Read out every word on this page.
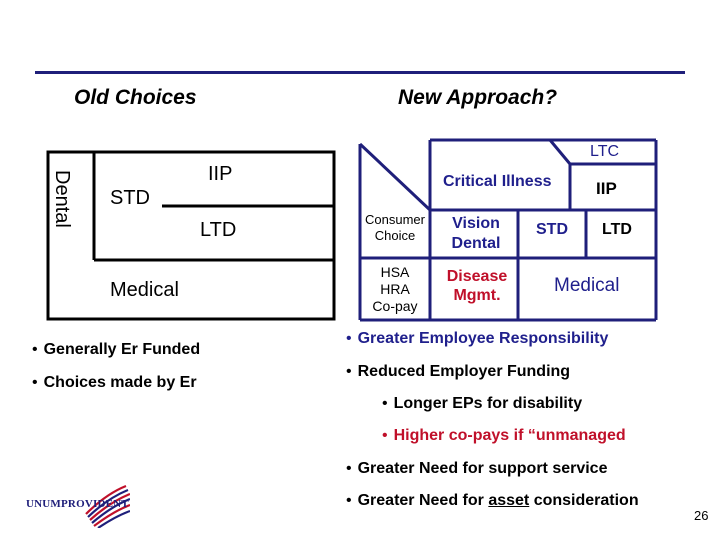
Old Choices	New Approach?
Dental STD
IIP
LTD
Medical
LTC
Critical Illness	IIP
Consumer
Choice
Vision
Dental
STD LTD
HSA
HRA
Co-pay
Disease
Mgmt.	Medical
• Generally Er Funded
• Choices made by Er
• Greater Employee Responsibility
• Reduced Employer Funding
• Longer EPs for disability
• Higher co-pays if “unmanaged
• Greater Need for support service
• Greater Need for asset consideration
UNUMPROVIDENT
26
